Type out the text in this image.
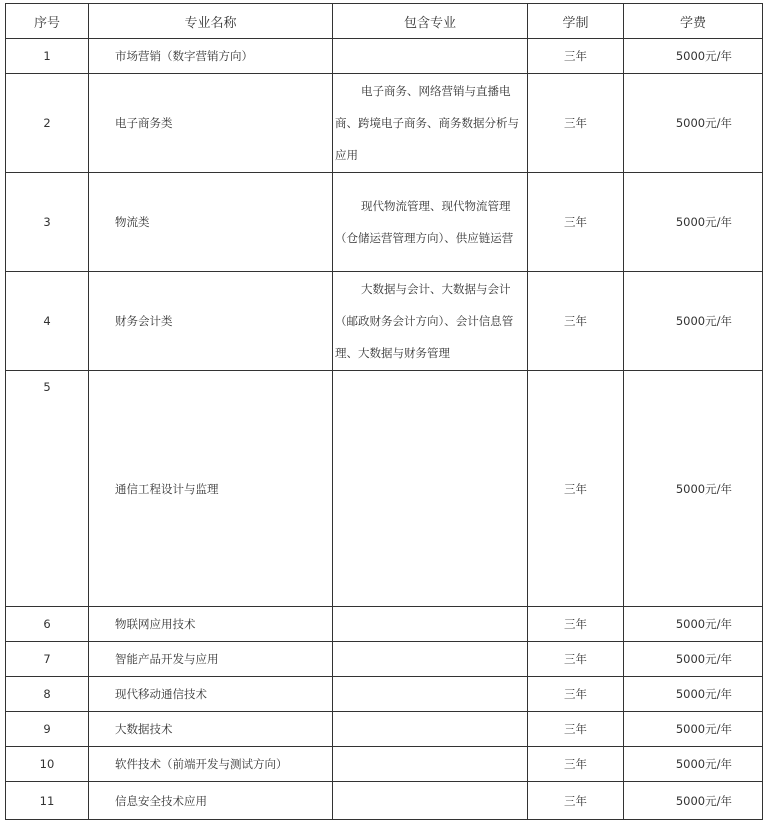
序号	专业名称	包含专业	学制	学费
1	市场营销（数字营销方向）		三年	5000元/年
2	电子商务类	电子商务、网络营销与直播电商、跨境电子商务、商务数据分析与应用	三年	5000元/年
3	物流类	现代物流管理、现代物流管理（仓储运营管理方向）、供应链运营	三年	5000元/年
4	财务会计类	大数据与会计、大数据与会计（邮政财务会计方向）、会计信息管理、大数据与财务管理	三年	5000元/年
5	通信工程设计与监理		三年	5000元/年
6	物联网应用技术		三年	5000元/年
7	智能产品开发与应用		三年	5000元/年
8	现代移动通信技术		三年	5000元/年
9	大数据技术		三年	5000元/年
10	软件技术（前端开发与测试方向）		三年	5000元/年
11	信息安全技术应用		三年	5000元/年
